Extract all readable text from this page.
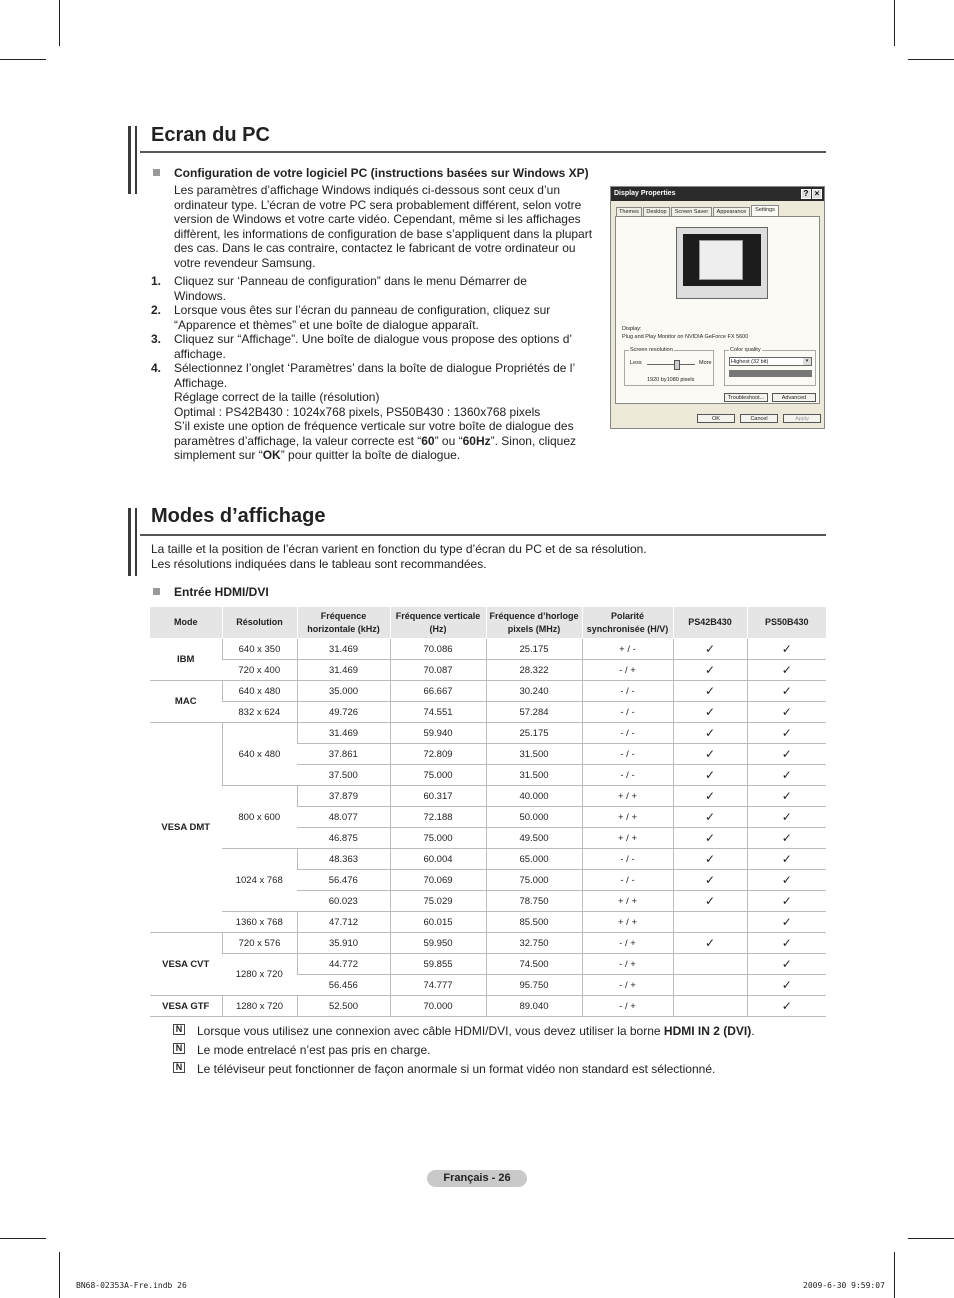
Ecran du PC
Configuration de votre logiciel PC (instructions basées sur Windows XP)
Les paramètres d’affichage Windows indiqués ci-dessous sont ceux d’un
ordinateur type. L’écran de votre PC sera probablement différent, selon votre
version de Windows et votre carte vidéo. Cependant, même si les affichages
diffèrent, les informations de configuration de base s’appliquent dans la plupart
des cas. Dans le cas contraire, contactez le fabricant de votre ordinateur ou
votre revendeur Samsung.
1. Cliquez sur ‘Panneau de configuration” dans le menu Démarrer de Windows.
2. Lorsque vous êtes sur l’écran du panneau de configuration, cliquez sur
“Apparence et thèmes” et une boîte de dialogue apparaît.
3. Cliquez sur “Affichage”. Une boîte de dialogue vous propose des options d’
affichage.
4. Sélectionnez l’onglet ‘Paramètres’ dans la boîte de dialogue Propriétés de l’
Affichage.
Réglage correct de la taille (résolution)
Optimal : PS42B430 : 1024x768 pixels, PS50B430 : 1360x768 pixels
S’il existe une option de fréquence verticale sur votre boîte de dialogue des
paramètres d’affichage, la valeur correcte est “60” ou “60Hz”. Sinon, cliquez
simplement sur “OK” pour quitter la boîte de dialogue.
Display Properties	? ×
Themes	Desktop	Screen Saver	Appearance	Settings
Display:
Plug and Play Monitor on NVIDIA GeForce FX 5600
Screen resolution
Less	More
1920 by1080 pixels
Color quality
Highest (32 bit)	▾
Troubleshoot...	Advanced
OK	Cancel	Apply
Modes d’affichage
La taille et la position de l’écran varient en fonction du type d’écran du PC et de sa résolution.
Les résolutions indiquées dans le tableau sont recommandées.
Entrée HDMI/DVI
Mode	Résolution	Fréquence horizontale (kHz)	Fréquence verticale (Hz)	Fréquence d’horloge pixels (MHz)	Polarité synchronisée (H/V)	PS42B430	PS50B430
IBM	640 x 350	31.469	70.086	25.175	+ / -	✓	✓
	720 x 400	31.469	70.087	28.322	- / +	✓	✓
MAC	640 x 480	35.000	66.667	30.240	- / -	✓	✓
	832 x 624	49.726	74.551	57.284	- / -	✓	✓
VESA DMT	640 x 480	31.469	59.940	25.175	- / -	✓	✓
		37.861	72.809	31.500	- / -	✓	✓
		37.500	75.000	31.500	- / -	✓	✓
	800 x 600	37.879	60.317	40.000	+ / +	✓	✓
		48.077	72.188	50.000	+ / +	✓	✓
		46.875	75.000	49.500	+ / +	✓	✓
	1024 x 768	48.363	60.004	65.000	- / -	✓	✓
		56.476	70.069	75.000	- / -	✓	✓
		60.023	75.029	78.750	+ / +	✓	✓
	1360 x 768	47.712	60.015	85.500	+ / +		✓
VESA CVT	720 x 576	35.910	59.950	32.750	- / +	✓	✓
	1280 x 720	44.772	59.855	74.500	- / +		✓
		56.456	74.777	95.750	- / +		✓
VESA GTF	1280 x 720	52.500	70.000	89.040	- / +		✓
N Lorsque vous utilisez une connexion avec câble HDMI/DVI, vous devez utiliser la borne HDMI IN 2 (DVI).
N Le mode entrelacé n’est pas pris en charge.
N Le téléviseur peut fonctionner de façon anormale si un format vidéo non standard est sélectionné.
Français - 26
BN68-02353A-Fre.indb 26	2009-6-30 9:59:07
